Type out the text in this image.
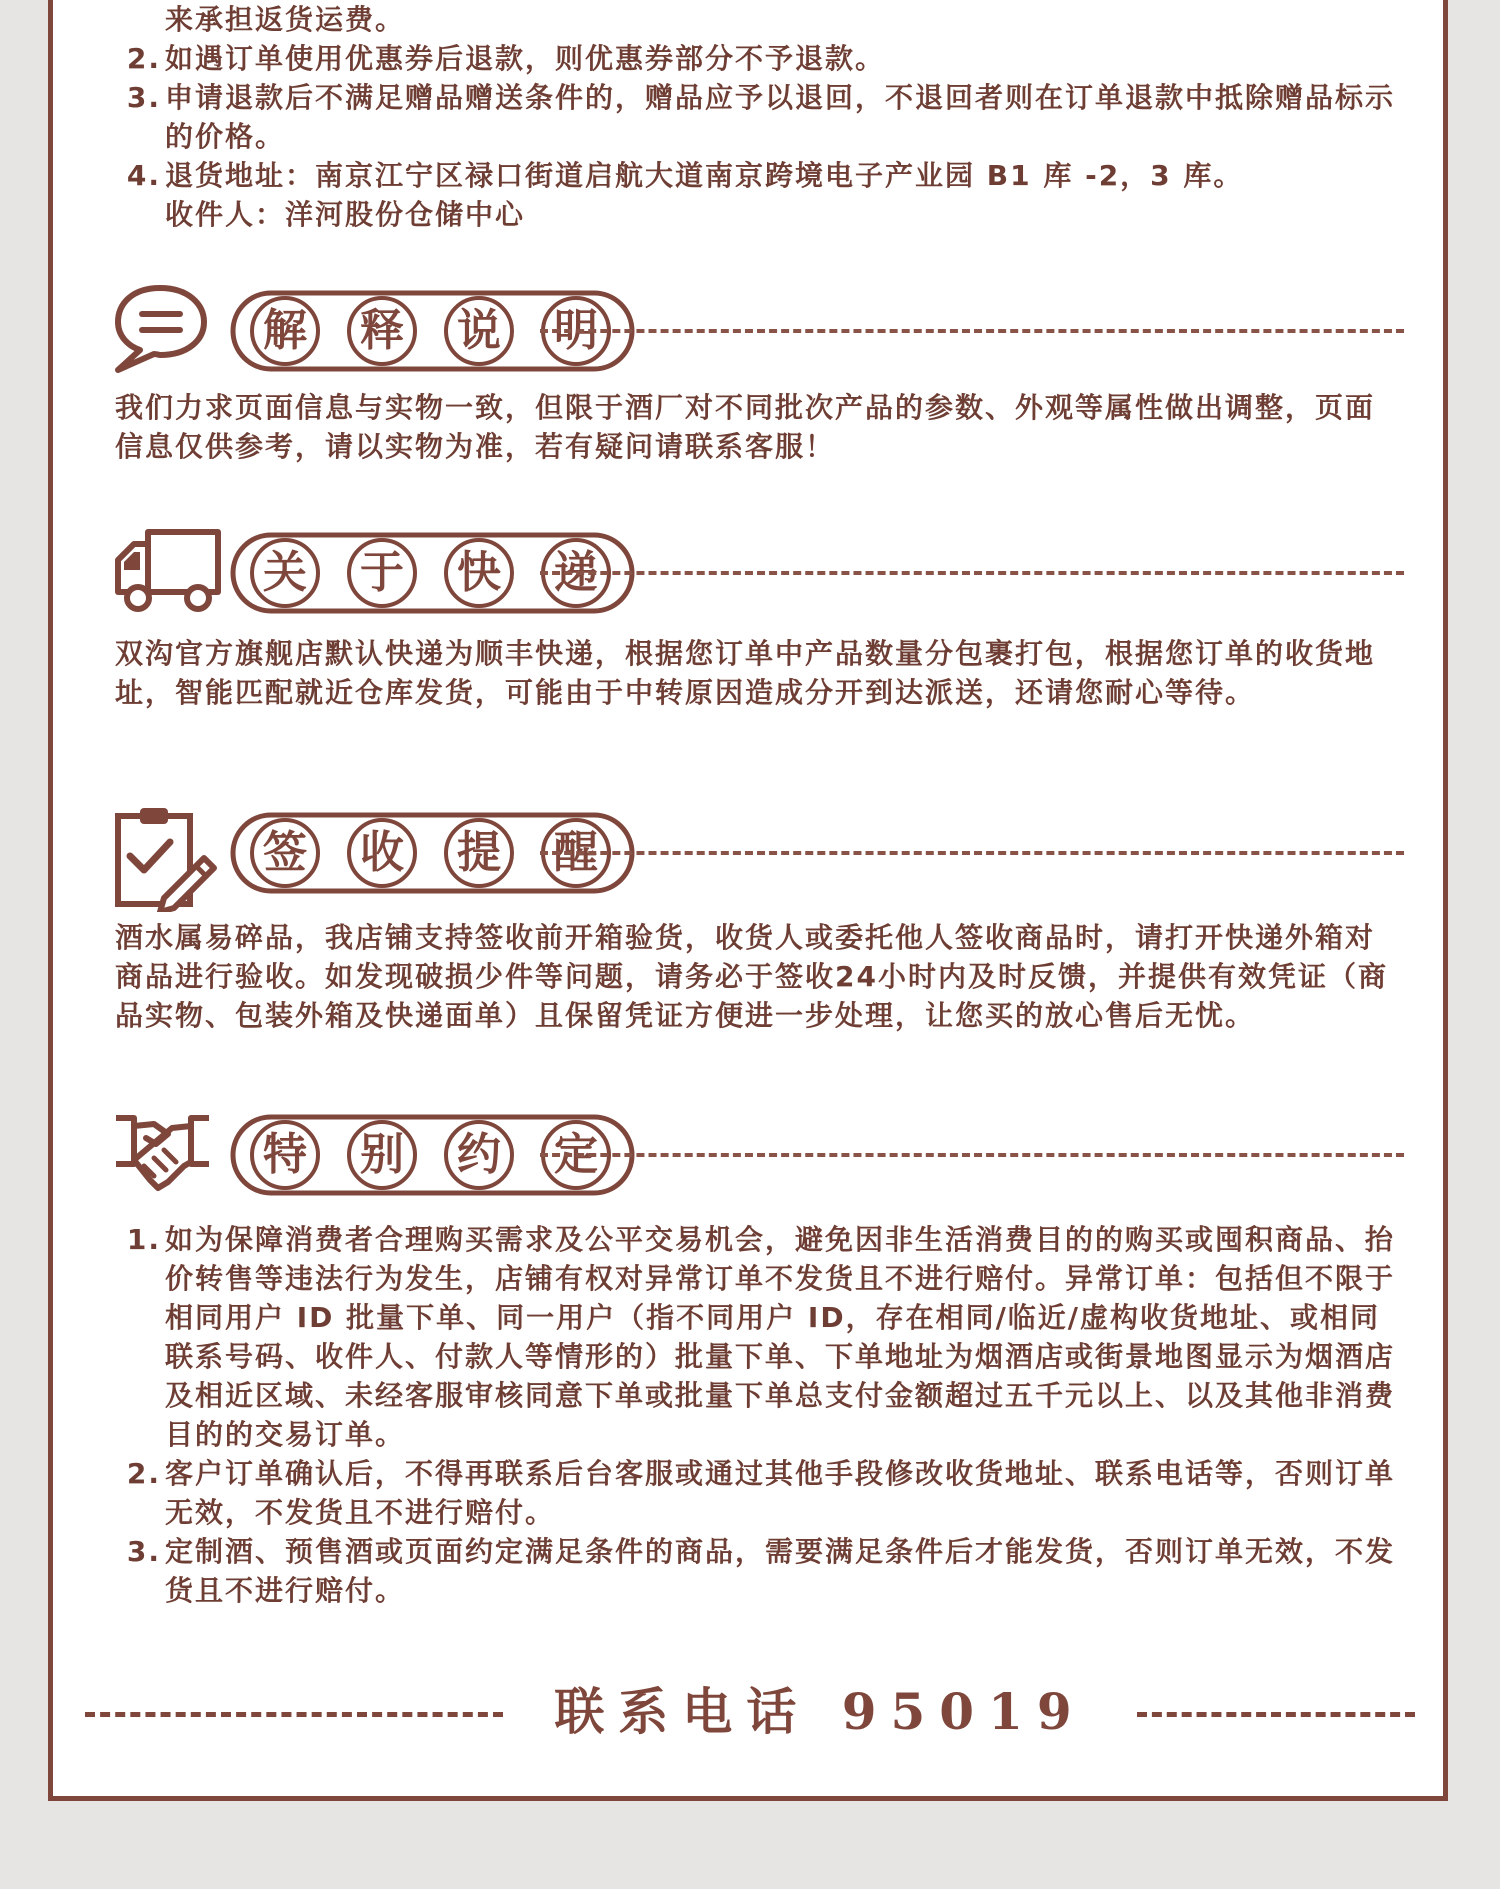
来承担返货运费。
2. 如遇订单使用优惠券后退款，则优惠券部分不予退款。
3. 申请退款后不满足赠品赠送条件的，赠品应予以退回，不退回者则在订单退款中抵除赠品标示的价格。
4. 退货地址：南京江宁区禄口街道启航大道南京跨境电子产业园 B1 库 -2，3 库。
收件人：洋河股份仓储中心
解	释	说	明
我们力求页面信息与实物一致，但限于酒厂对不同批次产品的参数、外观等属性做出调整，页面信息仅供参考，请以实物为准，若有疑问请联系客服！
关	于	快	递
双沟官方旗舰店默认快递为顺丰快递，根据您订单中产品数量分包裹打包，根据您订单的收货地址，智能匹配就近仓库发货，可能由于中转原因造成分开到达派送，还请您耐心等待。
签	收	提	醒
酒水属易碎品，我店铺支持签收前开箱验货，收货人或委托他人签收商品时，请打开快递外箱对商品进行验收。如发现破损少件等问题，请务必于签收24小时内及时反馈，并提供有效凭证（商品实物、包装外箱及快递面单）且保留凭证方便进一步处理，让您买的放心售后无忧。
特	别	约	定
1. 如为保障消费者合理购买需求及公平交易机会，避免因非生活消费目的的购买或囤积商品、抬价转售等违法行为发生，店铺有权对异常订单不发货且不进行赔付。异常订单：包括但不限于相同用户 ID 批量下单、同一用户（指不同用户 ID，存在相同/临近/虚构收货地址、或相同联系号码、收件人、付款人等情形的）批量下单、下单地址为烟酒店或街景地图显示为烟酒店及相近区域、未经客服审核同意下单或批量下单总支付金额超过五千元以上、以及其他非消费目的的交易订单。
2. 客户订单确认后，不得再联系后台客服或通过其他手段修改收货地址、联系电话等，否则订单无效，不发货且不进行赔付。
3. 定制酒、预售酒或页面约定满足条件的商品，需要满足条件后才能发货，否则订单无效，不发货且不进行赔付。
联系电话 95019
